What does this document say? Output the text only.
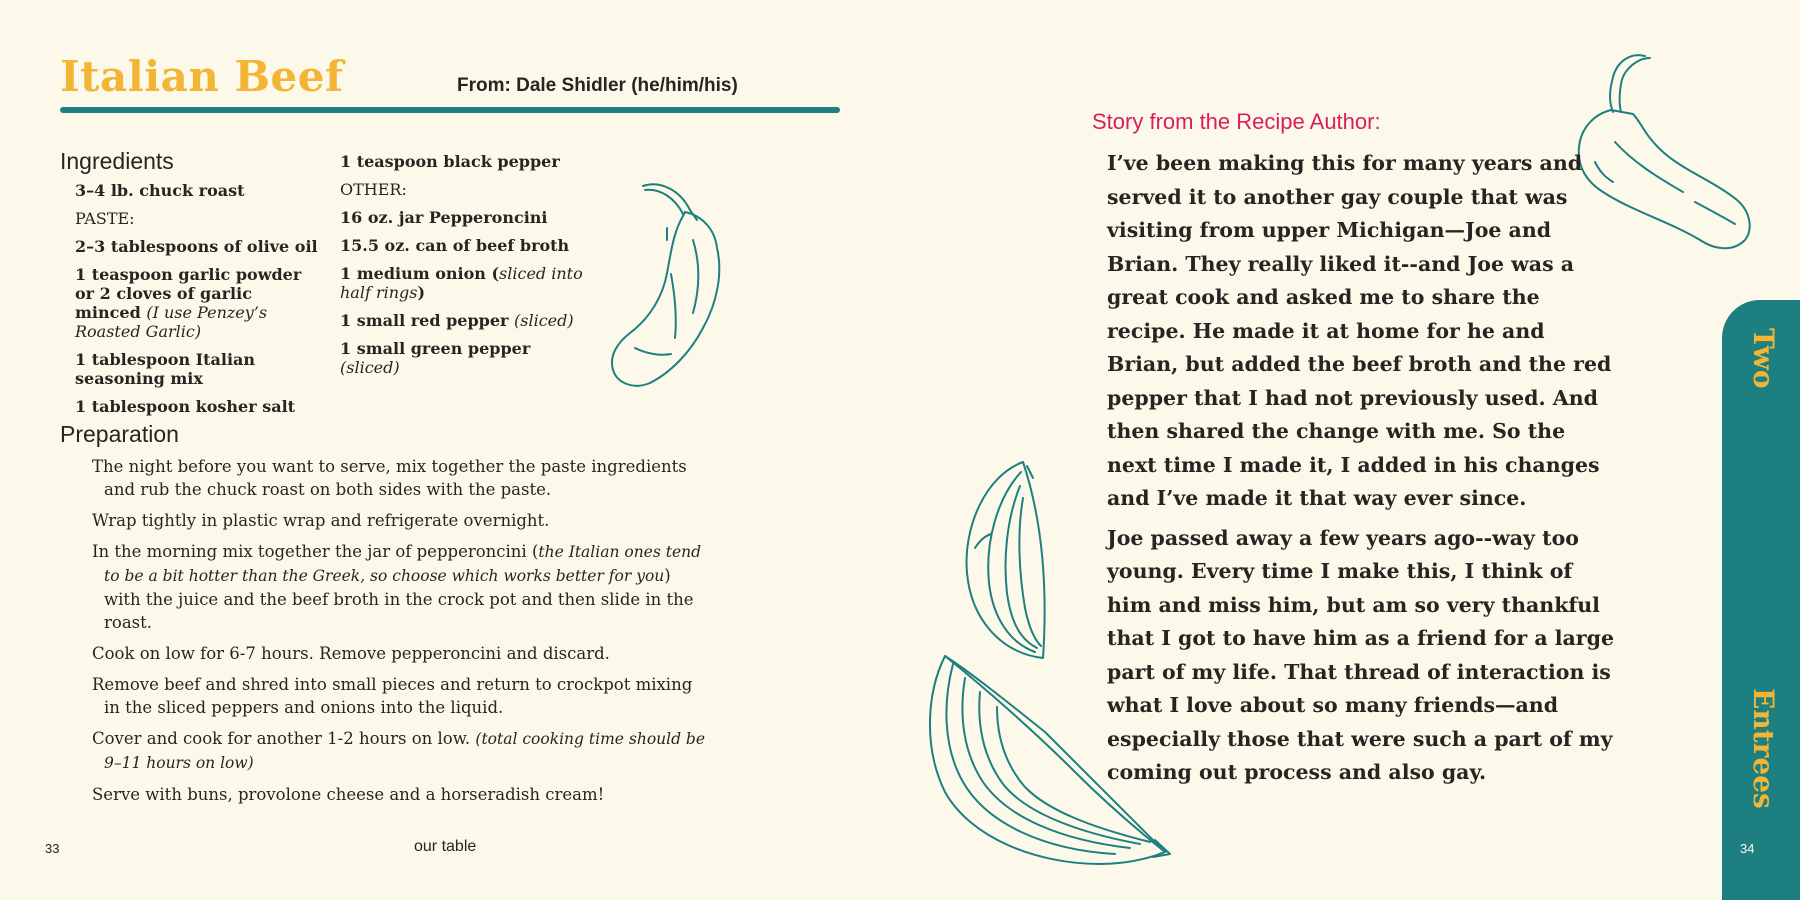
Italian Beef	From: Dale Shidler (he/him/his)
Ingredients
3–4 lb. chuck roast
PASTE:
2–3 tablespoons of olive oil
1 teaspoon garlic powder or 2 cloves of garlic minced (I use Penzey’s Roasted Garlic)
1 tablespoon Italian seasoning mix
1 tablespoon kosher salt
1 teaspoon black pepper
OTHER:
16 oz. jar Pepperoncini
15.5 oz. can of beef broth
1 medium onion (sliced into half rings)
1 small red pepper (sliced)
1 small green pepper (sliced)
Preparation
The night before you want to serve, mix together the paste ingredients and rub the chuck roast on both sides with the paste.
Wrap tightly in plastic wrap and refrigerate overnight.
In the morning mix together the jar of pepperoncini (the Italian ones tend to be a bit hotter than the Greek, so choose which works better for you) with the juice and the beef broth in the crock pot and then slide in the roast.
Cook on low for 6-7 hours. Remove pepperoncini and discard.
Remove beef and shred into small pieces and return to crockpot mixing in the sliced peppers and onions into the liquid.
Cover and cook for another 1-2 hours on low. (total cooking time should be 9–11 hours on low)
Serve with buns, provolone cheese and a horseradish cream!
33	our table
Story from the Recipe Author:

I’ve been making this for many years and served it to another gay couple that was visiting from upper Michigan—Joe and Brian. They really liked it--and Joe was a great cook and asked me to share the recipe. He made it at home for he and Brian, but added the beef broth and the red pepper that I had not previously used. And then shared the change with me. So the next time I made it, I added in his changes and I’ve made it that way ever since.

Joe passed away a few years ago--way too young. Every time I make this, I think of him and miss him, but am so very thankful that I got to have him as a friend for a large part of my life. That thread of interaction is what I love about so many friends—and especially those that were such a part of my coming out process and also gay.

Two
Entrees
34
